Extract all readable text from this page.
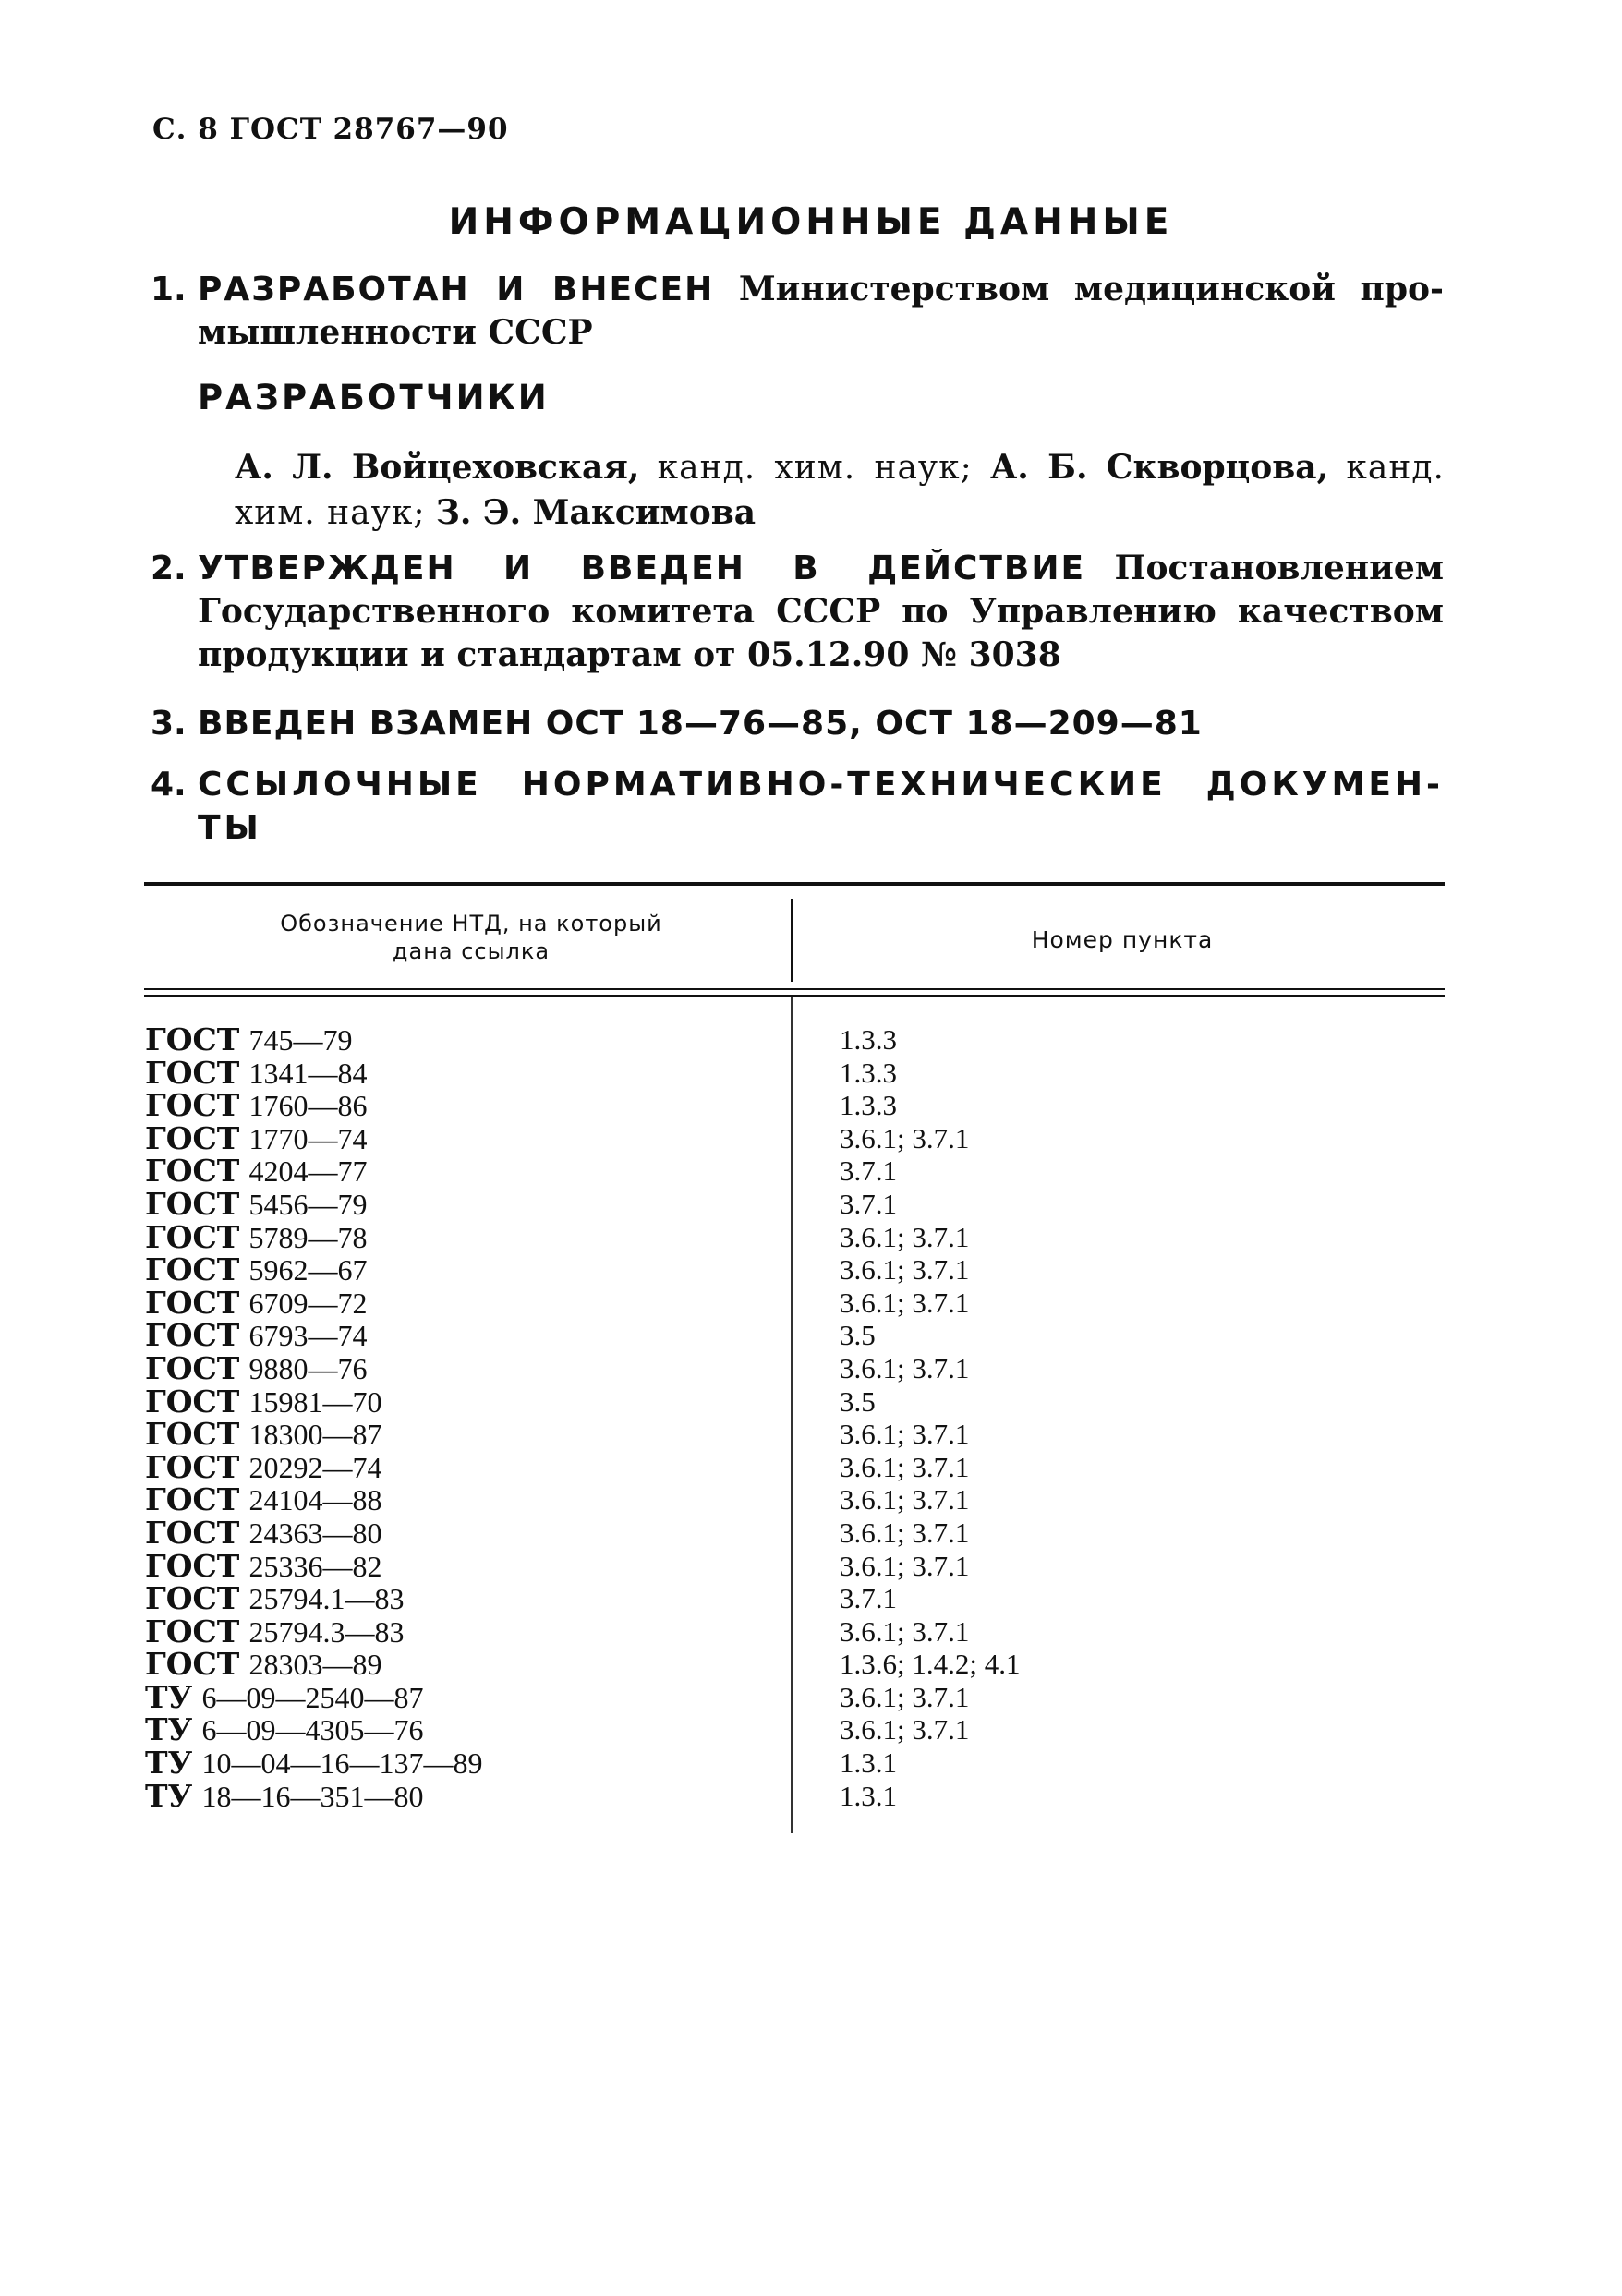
С. 8 ГОСТ 28767—90
ИНФОРМАЦИОННЫЕ ДАННЫЕ
1. РАЗРАБОТАН И ВНЕСЕН Министерством медицинской про- мышленности СССР
РАЗРАБОТЧИКИ
А. Л. Войцеховская, канд. хим. наук; А. Б. Скворцова, канд. хим. наук; З. Э. Максимова
2. УТВЕРЖДЕН И ВВЕДЕН В ДЕЙСТВИЕ Постановлением Государственного комитета СССР по Управлению качеством продукции и стандартам от 05.12.90 № 3038
3. ВВЕДЕН ВЗАМЕН ОСТ 18—76—85, ОСТ 18—209—81
4. ССЫЛОЧНЫЕ НОРМАТИВНО-ТЕХНИЧЕСКИЕ ДОКУМЕН- ТЫ
Обозначение НТД, на который
дана ссылка	Номер пункта
ГОСТ 745—79	1.3.3
ГОСТ 1341—84	1.3.3
ГОСТ 1760—86	1.3.3
ГОСТ 1770—74	3.6.1; 3.7.1
ГОСТ 4204—77	3.7.1
ГОСТ 5456—79	3.7.1
ГОСТ 5789—78	3.6.1; 3.7.1
ГОСТ 5962—67	3.6.1; 3.7.1
ГОСТ 6709—72	3.6.1; 3.7.1
ГОСТ 6793—74	3.5
ГОСТ 9880—76	3.6.1; 3.7.1
ГОСТ 15981—70	3.5
ГОСТ 18300—87	3.6.1; 3.7.1
ГОСТ 20292—74	3.6.1; 3.7.1
ГОСТ 24104—88	3.6.1; 3.7.1
ГОСТ 24363—80	3.6.1; 3.7.1
ГОСТ 25336—82	3.6.1; 3.7.1
ГОСТ 25794.1—83	3.7.1
ГОСТ 25794.3—83	3.6.1; 3.7.1
ГОСТ 28303—89	1.3.6; 1.4.2; 4.1
ТУ 6—09—2540—87	3.6.1; 3.7.1
ТУ 6—09—4305—76	3.6.1; 3.7.1
ТУ 10—04—16—137—89	1.3.1
ТУ 18—16—351—80	1.3.1
